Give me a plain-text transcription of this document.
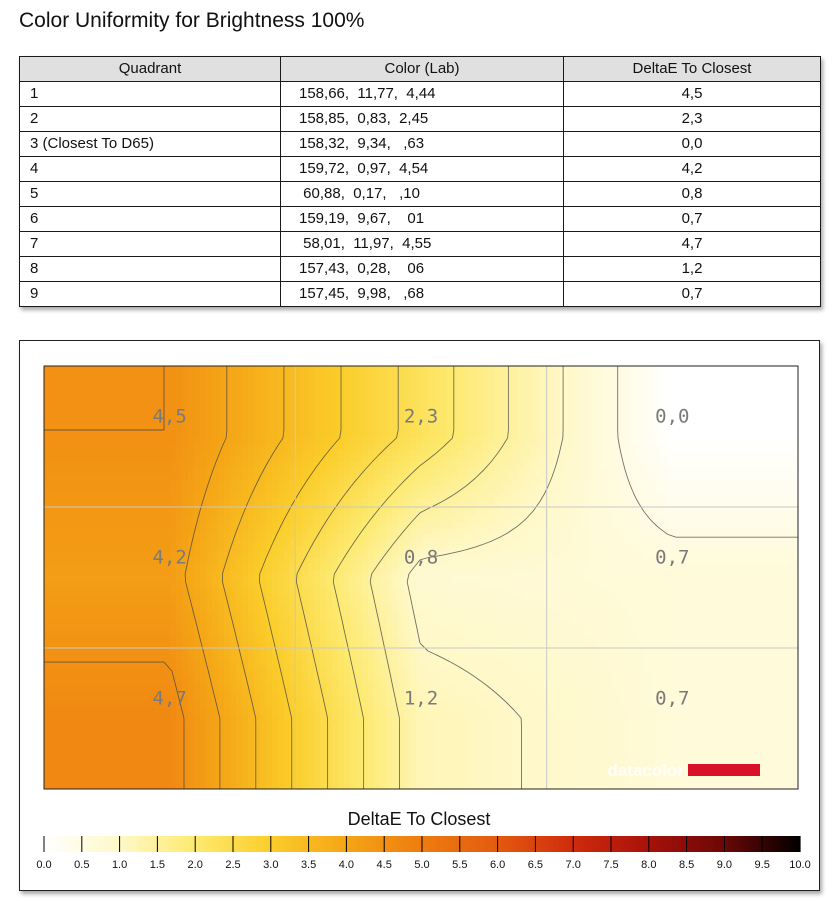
Color Uniformity for Brightness 100%
Quadrant	Color (Lab)	DeltaE To Closest
1	158,66,  11,77,  4,44	4,5
2	158,85,  0,83,  2,45	2,3
3 (Closest To D65)	158,32,  9,34,   ,63	0,0
4	159,72,  0,97,  4,54	4,2
5	60,88,  0,17,   ,10	0,8
6	159,19,  9,67,    01	0,7
7	58,01,  11,97,  4,55	4,7
8	157,43,  0,28,    06	1,2
9	157,45,  9,98,   ,68	0,7
4,5	2,3	0,0
4,2	0,8	0,7
4,7	1,2	0,7
datacolor
DeltaE To Closest
0.0 0.5 1.0 1.5 2.0 2.5 3.0 3.5 4.0 4.5 5.0 5.5 6.0 6.5 7.0 7.5 8.0 8.5 9.0 9.5 10.0
